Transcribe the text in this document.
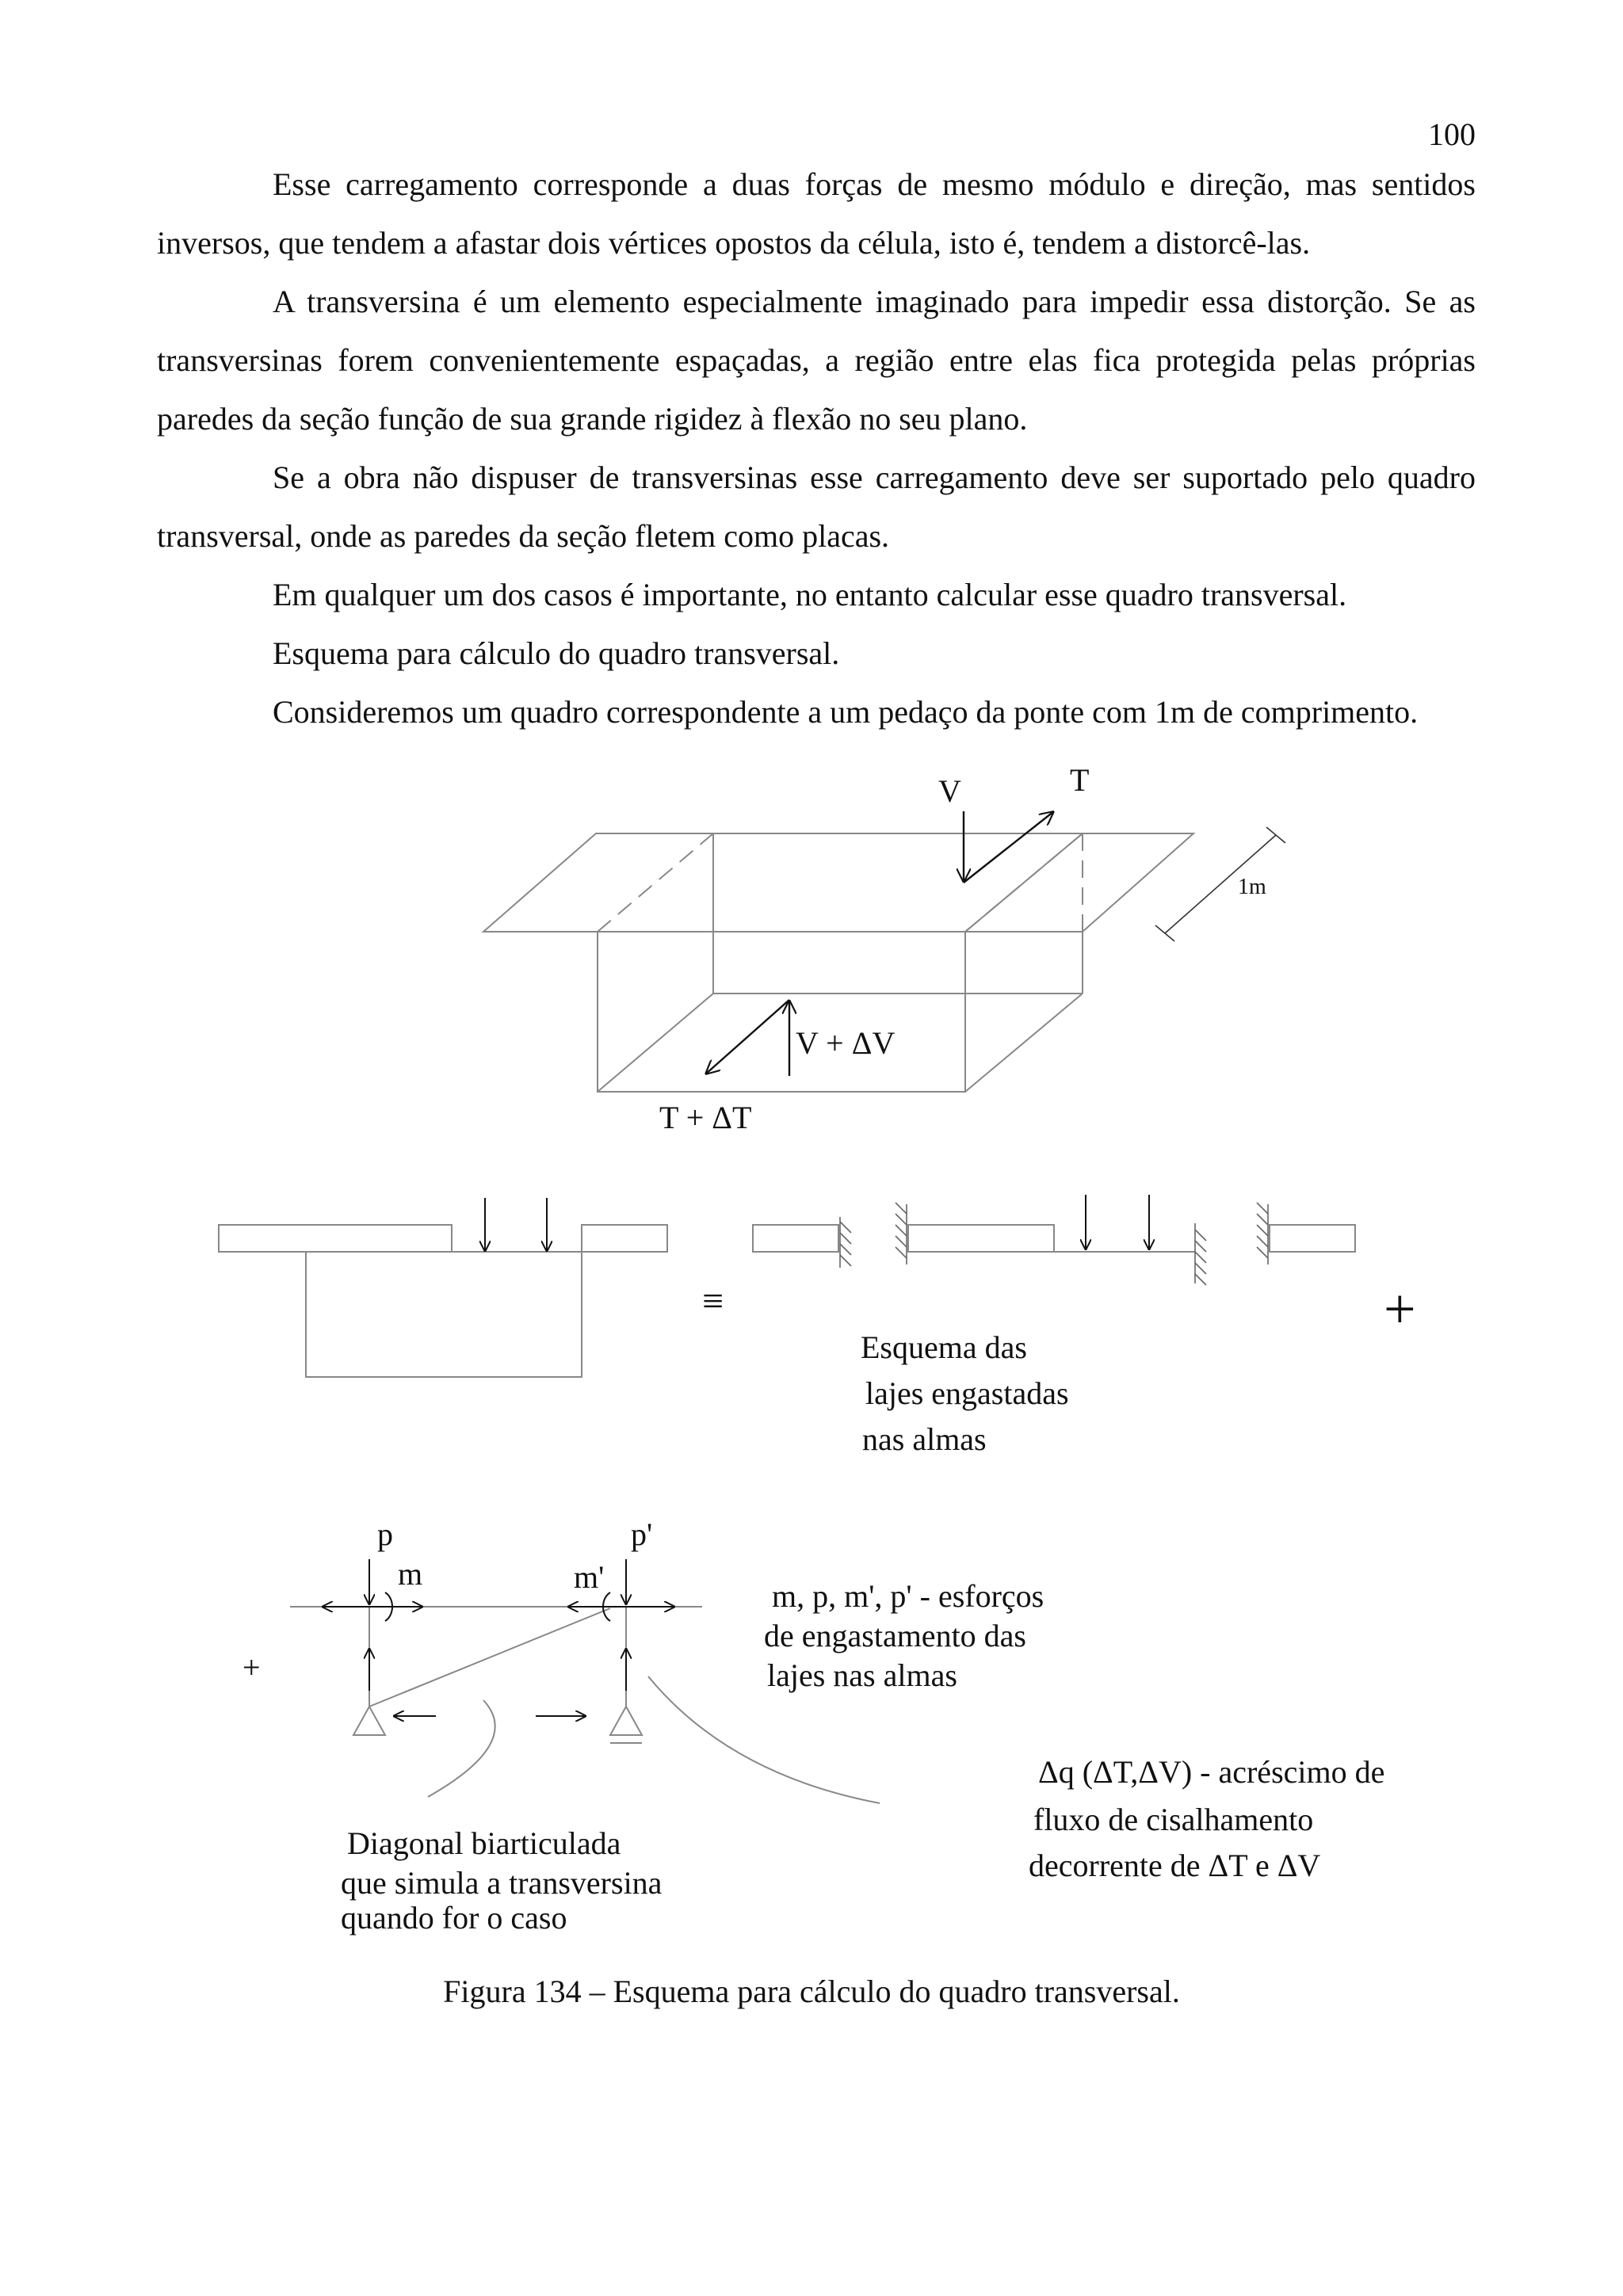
100
Esse carregamento corresponde a duas forças de mesmo módulo e direção, mas sentidos inversos, que tendem a afastar dois vértices opostos da célula, isto é, tendem a distorcê-las.
A transversina é um elemento especialmente imaginado para impedir essa distorção. Se as transversinas forem convenientemente espaçadas, a região entre elas fica protegida pelas próprias paredes da seção função de sua grande rigidez à flexão no seu plano.
Se a obra não dispuser de transversinas esse carregamento deve ser suportado pelo quadro transversal, onde as paredes da seção fletem como placas.
Em qualquer um dos casos é importante, no entanto calcular esse quadro transversal.
Esquema para cálculo do quadro transversal.
Consideremos um quadro correspondente a um pedaço da ponte com 1m de comprimento.
V	T
1m
V + ΔV
T + ΔT
≡	+
Esquema das lajes engastadas nas almas
+
p	p'
m	m'
m, p, m', p' - esforços de engastamento das lajes nas almas
Δq (ΔT,ΔV) - acréscimo de fluxo de cisalhamento decorrente de ΔT e ΔV
Diagonal biarticulada que simula a transversina quando for o caso
Figura 134 – Esquema para cálculo do quadro transversal.
